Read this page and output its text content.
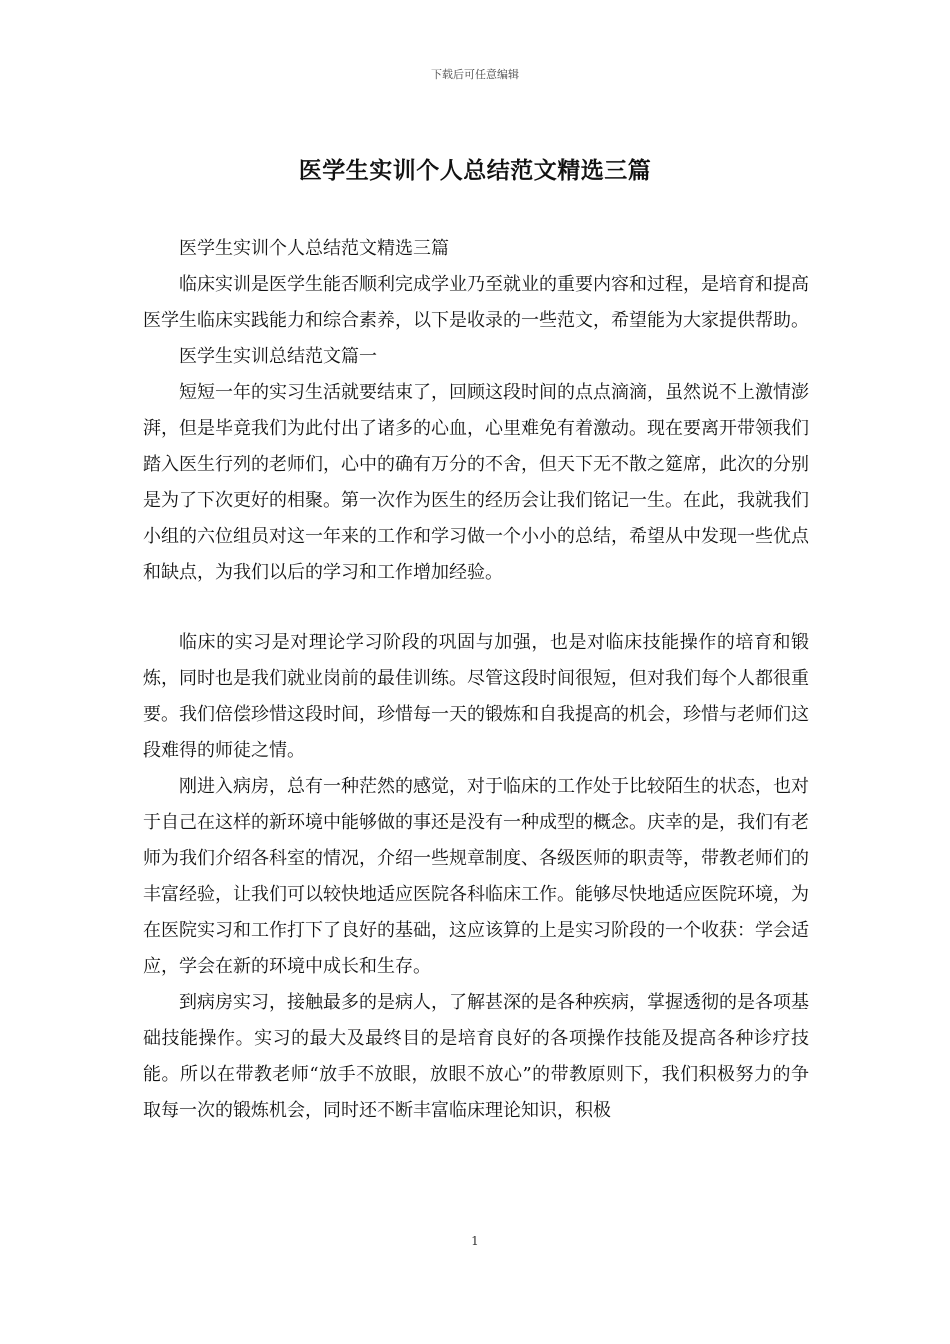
下载后可任意编辑
医学生实训个人总结范文精选三篇

医学生实训个人总结范文精选三篇

临床实训是医学生能否顺利完成学业乃至就业的重要内容和过程，是培育和提高医学生临床实践能力和综合素养，以下是收录的一些范文，希望能为大家提供帮助。

医学生实训总结范文篇一

短短一年的实习生活就要结束了，回顾这段时间的点点滴滴，虽然说不上激情澎湃，但是毕竟我们为此付出了诸多的心血，心里难免有着激动。现在要离开带领我们踏入医生行列的老师们，心中的确有万分的不舍，但天下无不散之筵席，此次的分别是为了下次更好的相聚。第一次作为医生的经历会让我们铭记一生。在此，我就我们小组的六位组员对这一年来的工作和学习做一个小小的总结，希望从中发现一些优点和缺点，为我们以后的学习和工作增加经验。

临床的实习是对理论学习阶段的巩固与加强，也是对临床技能操作的培育和锻炼，同时也是我们就业岗前的最佳训练。尽管这段时间很短，但对我们每个人都很重要。我们倍偿珍惜这段时间，珍惜每一天的锻炼和自我提高的机会，珍惜与老师们这段难得的师徒之情。

刚进入病房，总有一种茫然的感觉，对于临床的工作处于比较陌生的状态，也对于自己在这样的新环境中能够做的事还是没有一种成型的概念。庆幸的是，我们有老师为我们介绍各科室的情况，介绍一些规章制度、各级医师的职责等，带教老师们的丰富经验，让我们可以较快地适应医院各科临床工作。能够尽快地适应医院环境，为在医院实习和工作打下了良好的基础，这应该算的上是实习阶段的一个收获：学会适应，学会在新的环境中成长和生存。

到病房实习，接触最多的是病人，了解甚深的是各种疾病，掌握透彻的是各项基础技能操作。实习的最大及最终目的是培育良好的各项操作技能及提高各种诊疗技能。所以在带教老师“放手不放眼，放眼不放心”的带教原则下，我们积极努力的争取每一次的锻炼机会，同时还不断丰富临床理论知识，积极

1
